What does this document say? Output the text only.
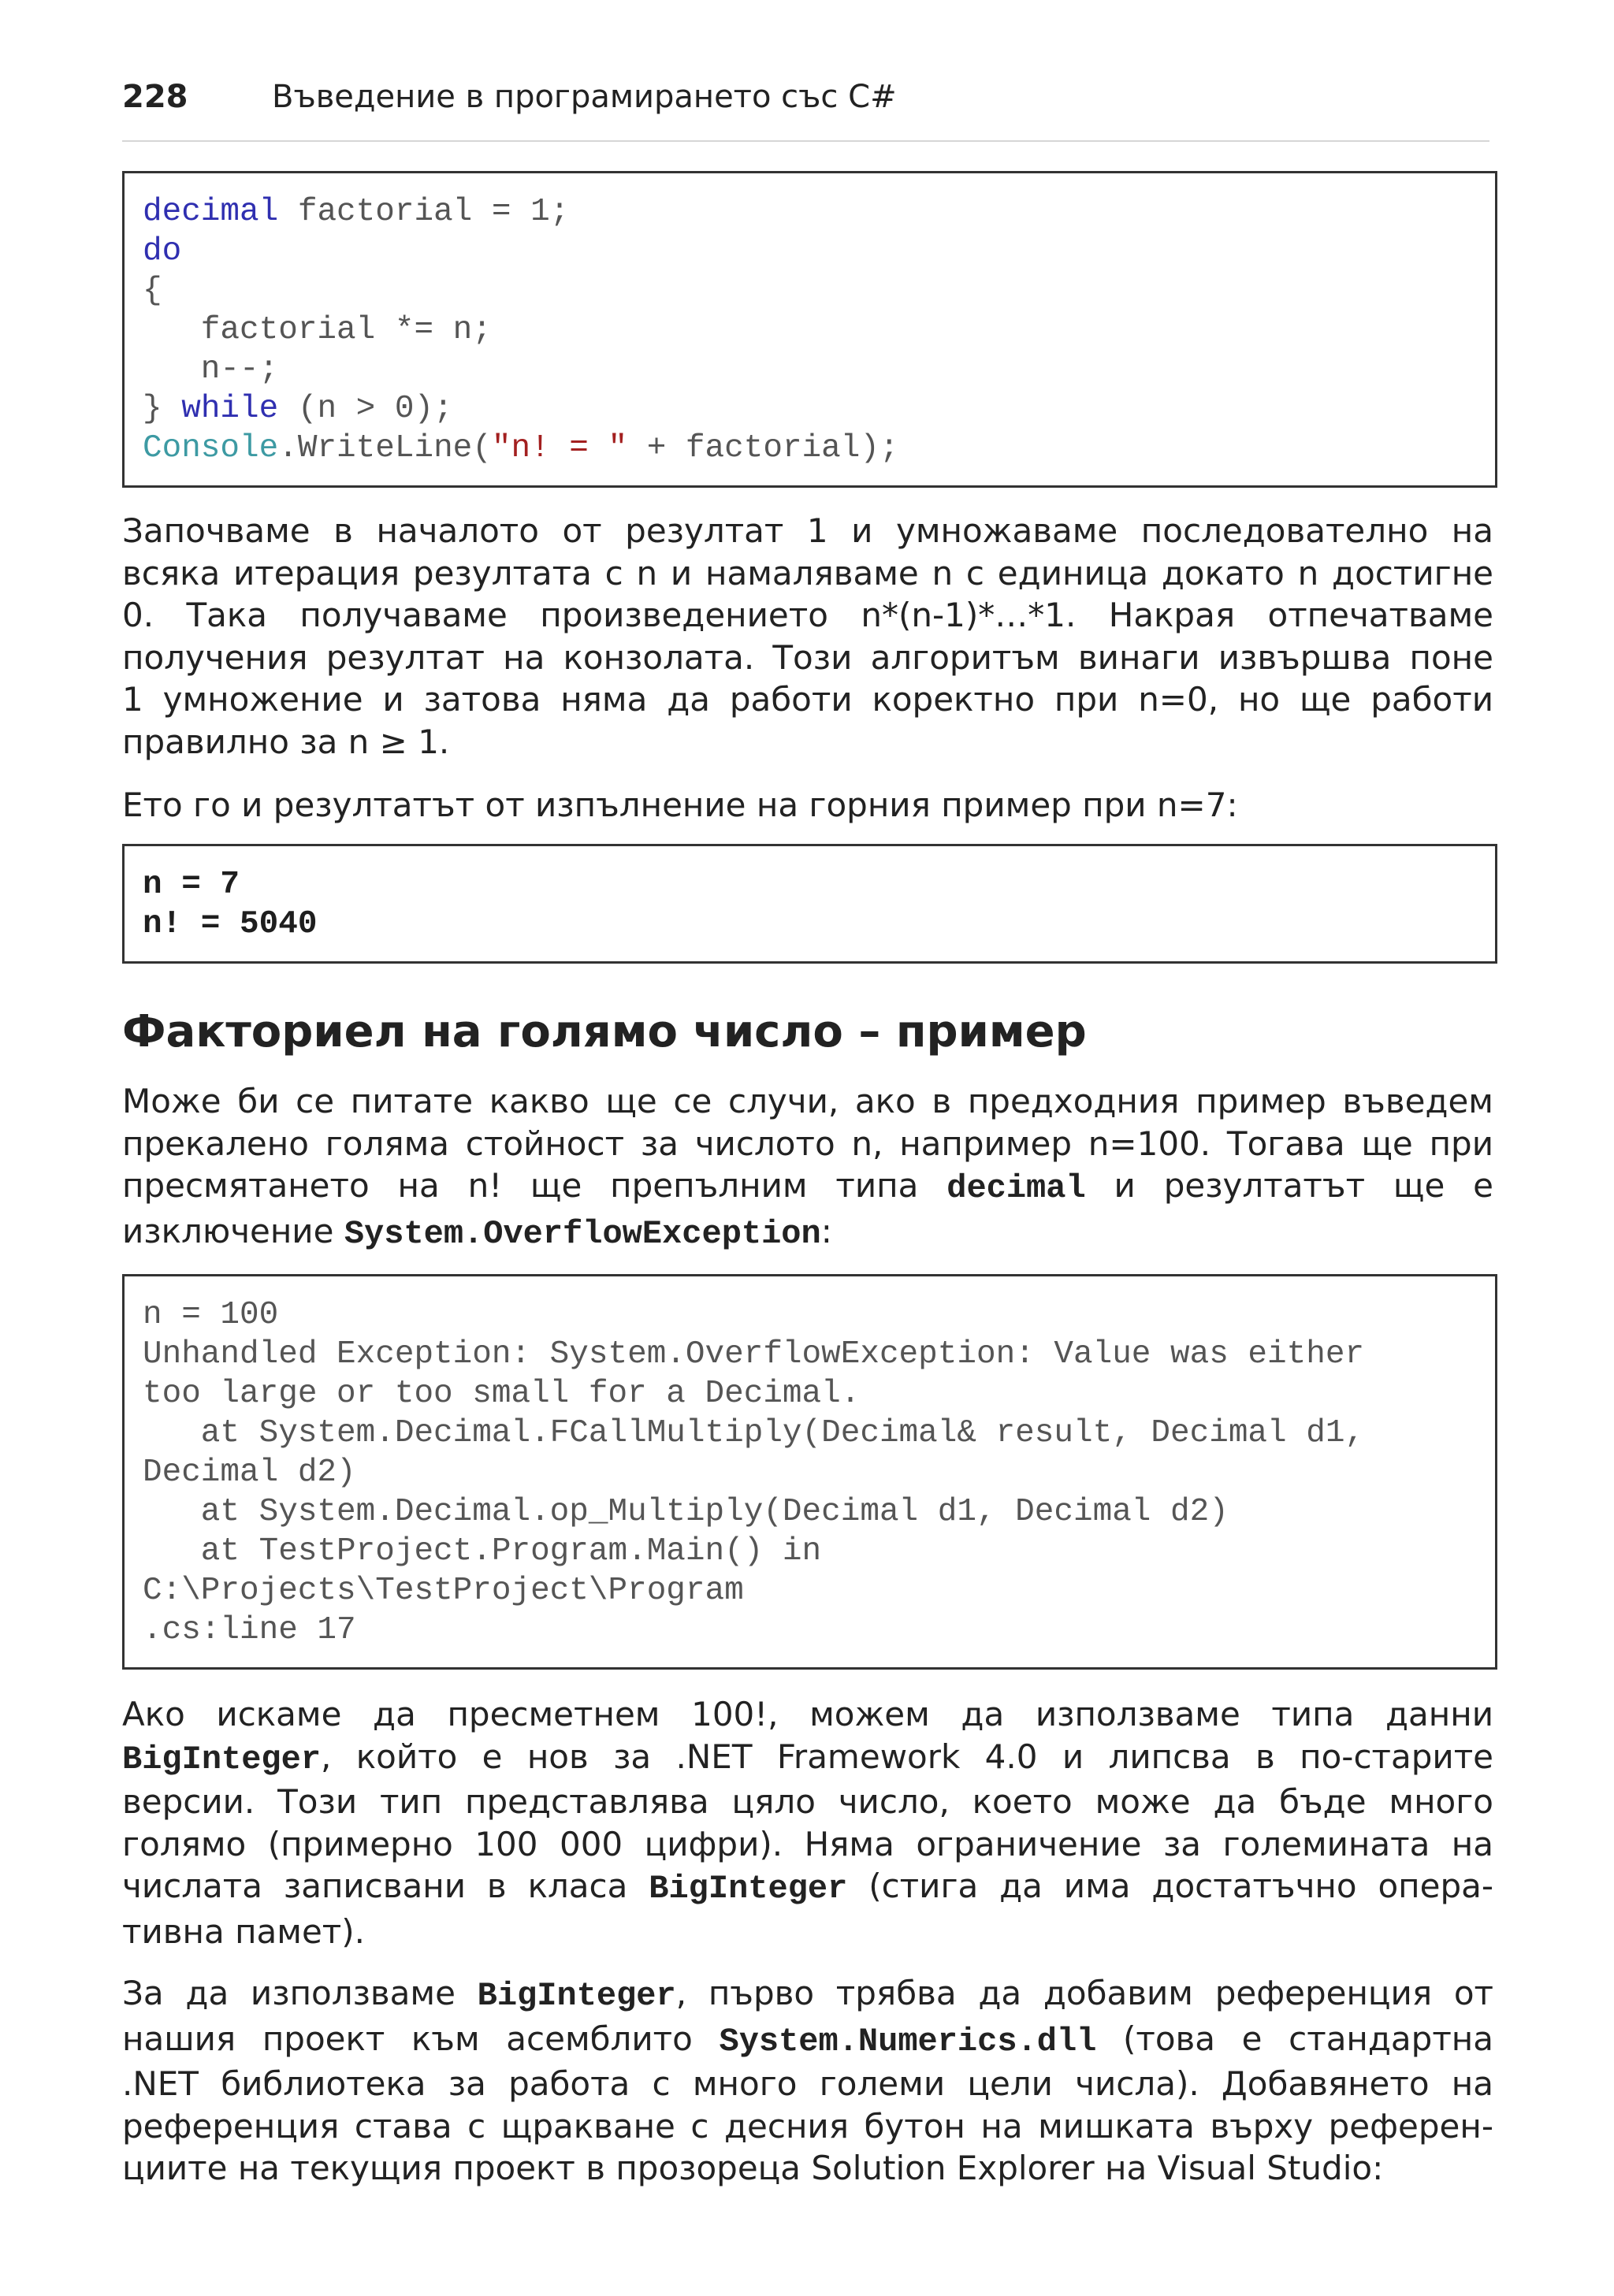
228	Въведение в програмирането със C#
decimal factorial = 1;
do
{
factorial *= n;
n--;
} while (n > 0);
Console.WriteLine("n! = " + factorial);
Започваме в началото от резултат 1 и умножаваме последователно на
всяка итерация резултата с n и намаляваме n с единица докато n достигне
0. Така получаваме произведението n*(n-1)*…*1. Накрая отпечатваме
получения резултат на конзолата. Този алгоритъм винаги извършва поне
1 умножение и затова няма да работи коректно при n=0, но ще работи
правилно за n ≥ 1.
Ето го и резултатът от изпълнение на горния пример при n=7:
n = 7
n! = 5040
Факториел на голямо число – пример
Може би се питате какво ще се случи, ако в предходния пример въведем
прекалено голяма стойност за числото n, например n=100. Тогава ще при
пресмятането на n! ще препълним типа decimal и резултатът ще е
изключение System.OverflowException:
n = 100
Unhandled Exception: System.OverflowException: Value was either
too large or too small for a Decimal.
at System.Decimal.FCallMultiply(Decimal& result, Decimal d1,
Decimal d2)
at System.Decimal.op_Multiply(Decimal d1, Decimal d2)
at TestProject.Program.Main() in
C:\Projects\TestProject\Program
.cs:line 17
Ако искаме да пресметнем 100!, можем да използваме типа данни
BigInteger, който е нов за .NET Framework 4.0 и липсва в по-старите
версии. Този тип представлява цяло число, което може да бъде много
голямо (примерно 100 000 цифри). Няма ограничение за големината на
числата записвани в класа BigInteger (стига да има достатъчно опера-
тивна памет).
За да използваме BigInteger, първо трябва да добавим референция от
нашия проект към асемблито System.Numerics.dll (това е стандартна
.NET библиотека за работа с много големи цели числа). Добавянето на
референция става с щракване с десния бутон на мишката върху референ-
циите на текущия проект в прозореца Solution Explorer на Visual Studio:
